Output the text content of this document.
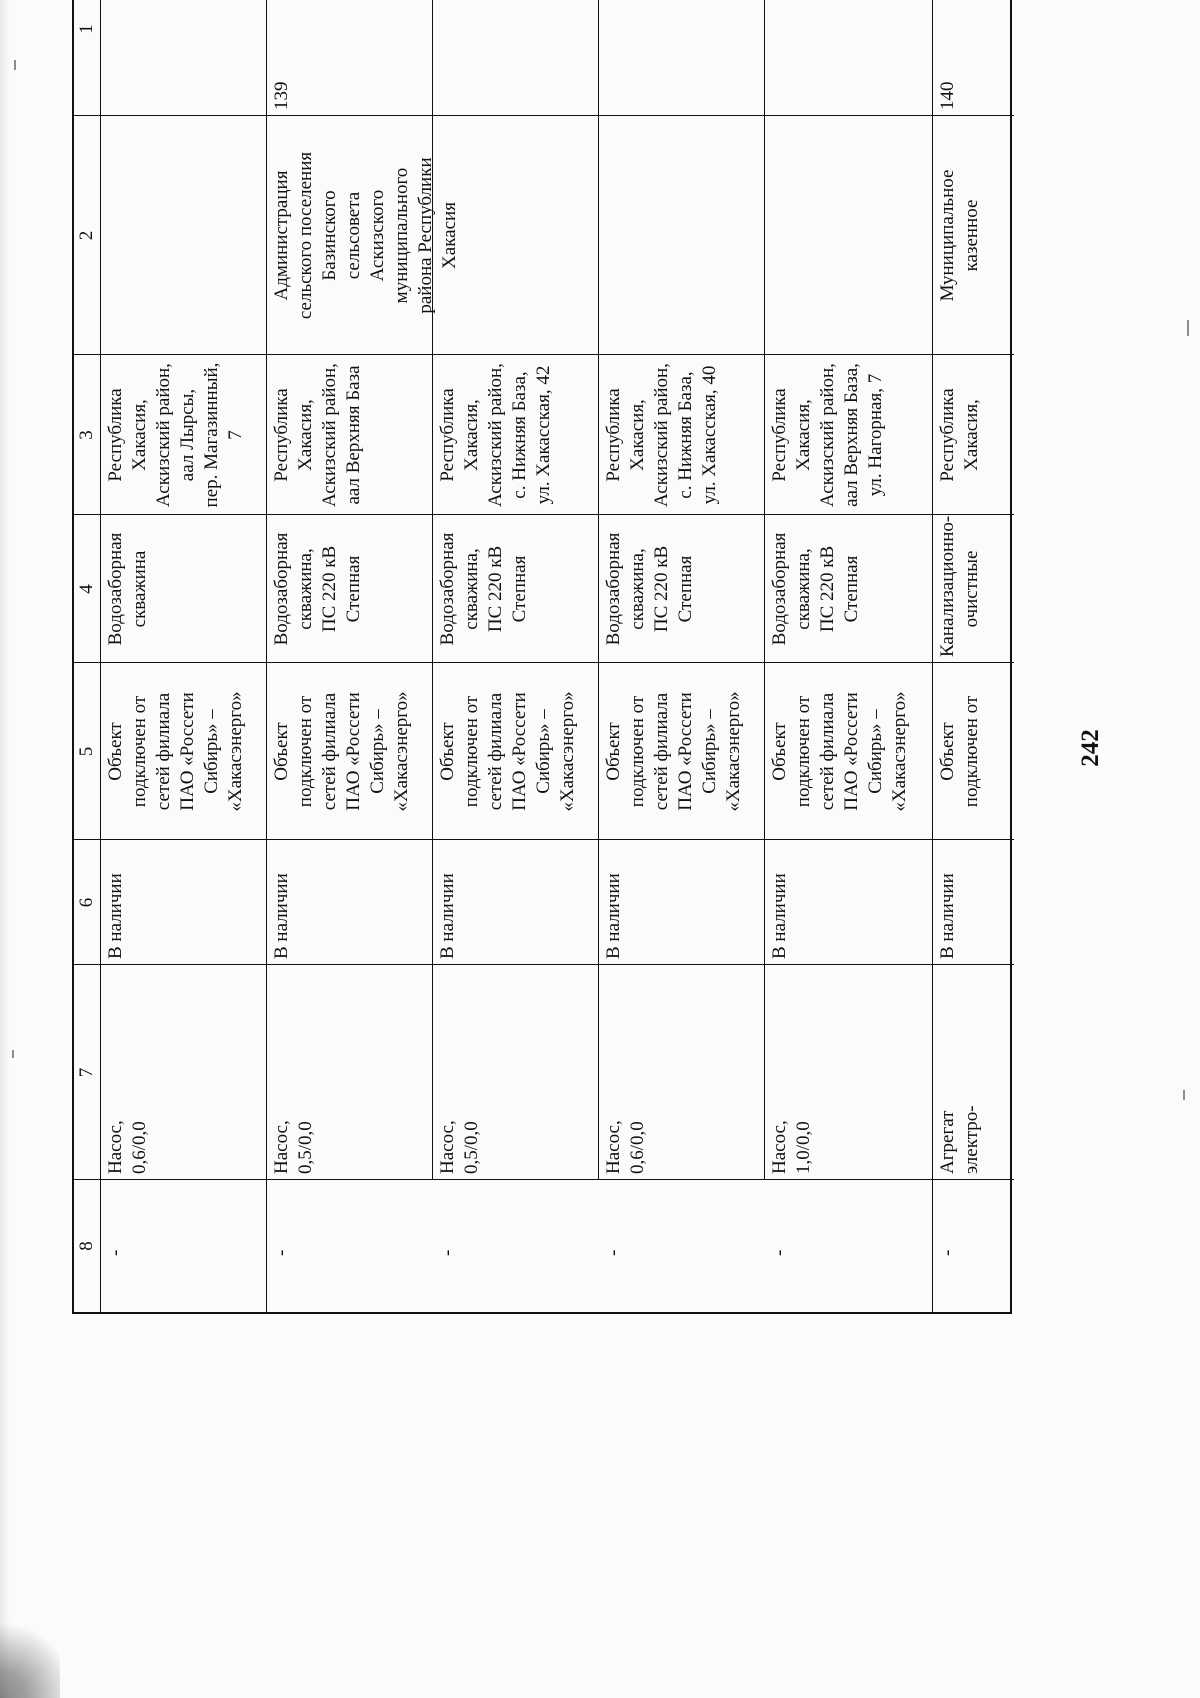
242
1
2
3
4
5
6
7
8
Республика Хакасия, Аскизский район, аал Лырсы, пер. Магазинный, 7
Водозаборная скважина
Объект подключен от сетей филиала ПАО «Россети Сибирь» – «Хакасэнерго»
В наличии
Насос, 0,6/0,0
-
139
Администрация сельского поселения Базинского сельсовета Аскизского муниципального района Республики Хакасия
Республика Хакасия, Аскизский район, аал Верхняя База
Водозаборная скважина, ПС 220 кВ Степная
Объект подключен от сетей филиала ПАО «Россети Сибирь» – «Хакасэнерго»
В наличии
Насос, 0,5/0,0
-
Республика Хакасия, Аскизский район, с. Нижняя База, ул. Хакасская, 42
Водозаборная скважина, ПС 220 кВ Степная
Объект подключен от сетей филиала ПАО «Россети Сибирь» – «Хакасэнерго»
В наличии
Насос, 0,5/0,0
-
Республика Хакасия, Аскизский район, с. Нижняя База, ул. Хакасская, 40
Водозаборная скважина, ПС 220 кВ Степная
Объект подключен от сетей филиала ПАО «Россети Сибирь» – «Хакасэнерго»
В наличии
Насос, 0,6/0,0
-
Республика Хакасия, Аскизский район, аал Верхняя База, ул. Нагорная, 7
Водозаборная скважина, ПС 220 кВ Степная
Объект подключен от сетей филиала ПАО «Россети Сибирь» – «Хакасэнерго»
В наличии
Насос, 1,0/0,0
-
140
Муниципальное казенное
Республика Хакасия,
Канализационно- очистные
Объект подключен от
В наличии
Агрегат электро-
-
